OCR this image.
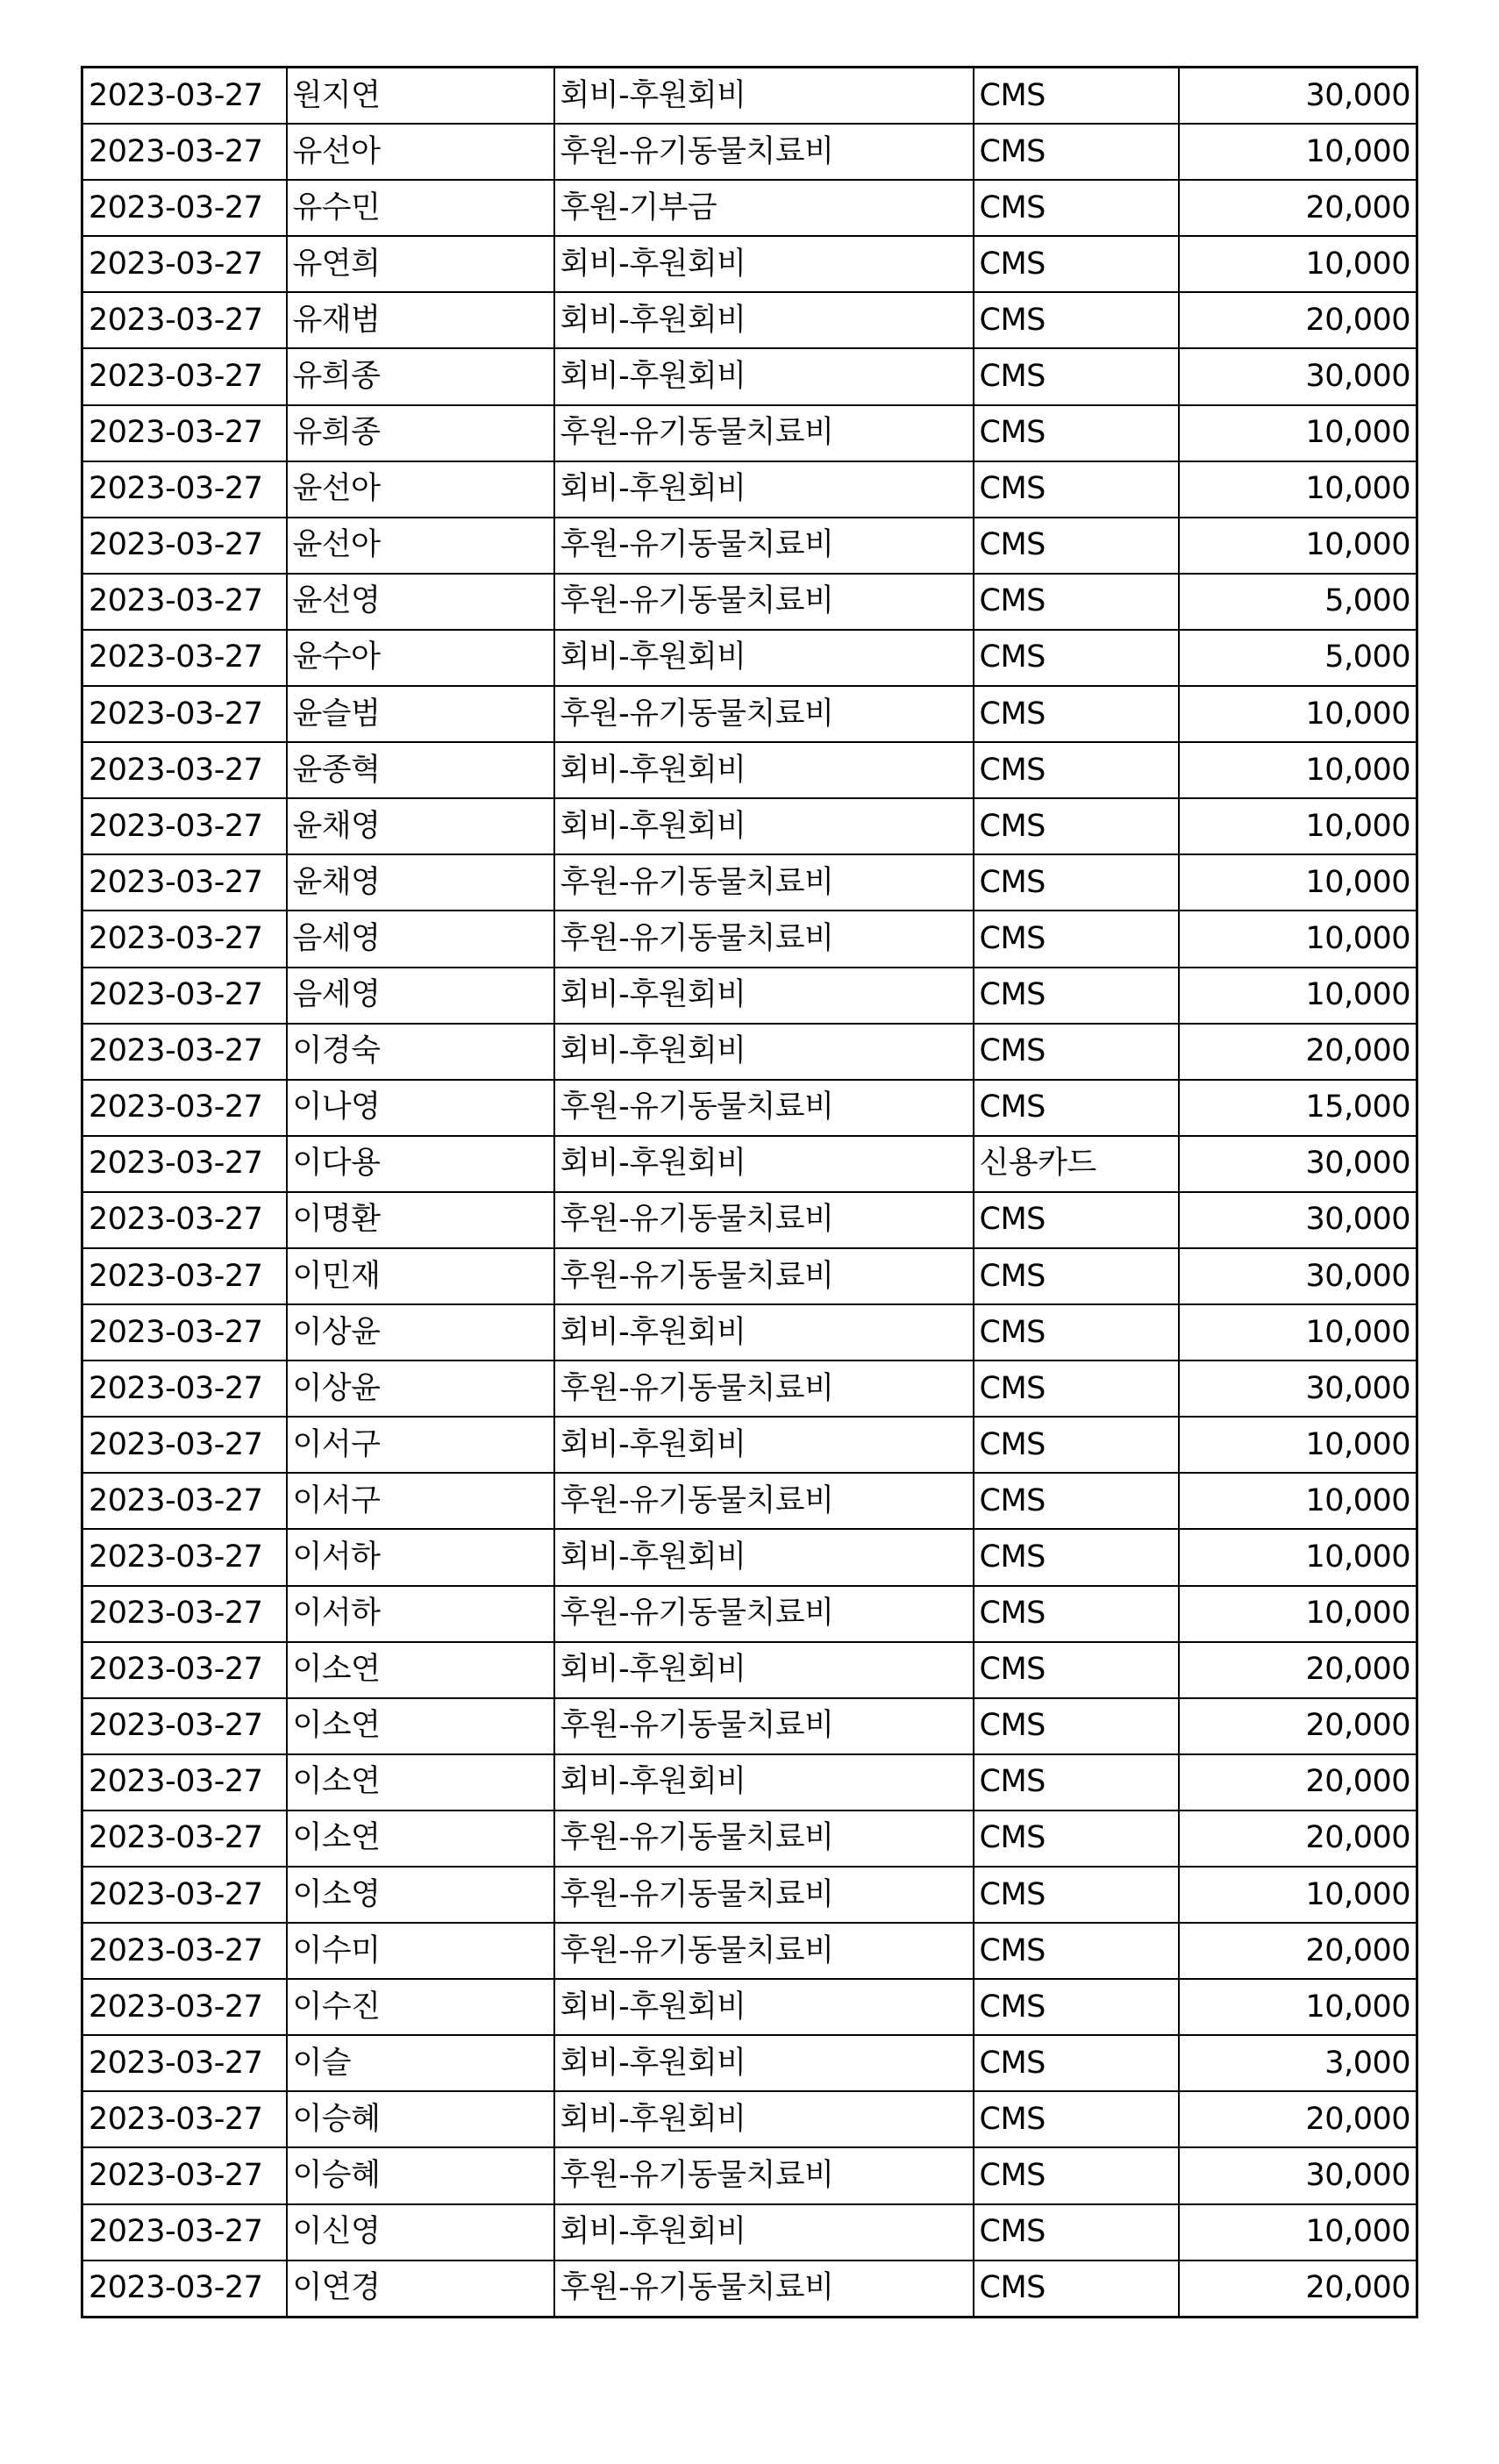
2023-03-27	원지연	회비-후원회비	CMS	30,000
2023-03-27	유선아	후원-유기동물치료비	CMS	10,000
2023-03-27	유수민	후원-기부금	CMS	20,000
2023-03-27	유연희	회비-후원회비	CMS	10,000
2023-03-27	유재범	회비-후원회비	CMS	20,000
2023-03-27	유희종	회비-후원회비	CMS	30,000
2023-03-27	유희종	후원-유기동물치료비	CMS	10,000
2023-03-27	윤선아	회비-후원회비	CMS	10,000
2023-03-27	윤선아	후원-유기동물치료비	CMS	10,000
2023-03-27	윤선영	후원-유기동물치료비	CMS	5,000
2023-03-27	윤수아	회비-후원회비	CMS	5,000
2023-03-27	윤슬범	후원-유기동물치료비	CMS	10,000
2023-03-27	윤종혁	회비-후원회비	CMS	10,000
2023-03-27	윤채영	회비-후원회비	CMS	10,000
2023-03-27	윤채영	후원-유기동물치료비	CMS	10,000
2023-03-27	음세영	후원-유기동물치료비	CMS	10,000
2023-03-27	음세영	회비-후원회비	CMS	10,000
2023-03-27	이경숙	회비-후원회비	CMS	20,000
2023-03-27	이나영	후원-유기동물치료비	CMS	15,000
2023-03-27	이다용	회비-후원회비	신용카드	30,000
2023-03-27	이명환	후원-유기동물치료비	CMS	30,000
2023-03-27	이민재	후원-유기동물치료비	CMS	30,000
2023-03-27	이상윤	회비-후원회비	CMS	10,000
2023-03-27	이상윤	후원-유기동물치료비	CMS	30,000
2023-03-27	이서구	회비-후원회비	CMS	10,000
2023-03-27	이서구	후원-유기동물치료비	CMS	10,000
2023-03-27	이서하	회비-후원회비	CMS	10,000
2023-03-27	이서하	후원-유기동물치료비	CMS	10,000
2023-03-27	이소연	회비-후원회비	CMS	20,000
2023-03-27	이소연	후원-유기동물치료비	CMS	20,000
2023-03-27	이소연	회비-후원회비	CMS	20,000
2023-03-27	이소연	후원-유기동물치료비	CMS	20,000
2023-03-27	이소영	후원-유기동물치료비	CMS	10,000
2023-03-27	이수미	후원-유기동물치료비	CMS	20,000
2023-03-27	이수진	회비-후원회비	CMS	10,000
2023-03-27	이슬	회비-후원회비	CMS	3,000
2023-03-27	이승혜	회비-후원회비	CMS	20,000
2023-03-27	이승혜	후원-유기동물치료비	CMS	30,000
2023-03-27	이신영	회비-후원회비	CMS	10,000
2023-03-27	이연경	후원-유기동물치료비	CMS	20,000
